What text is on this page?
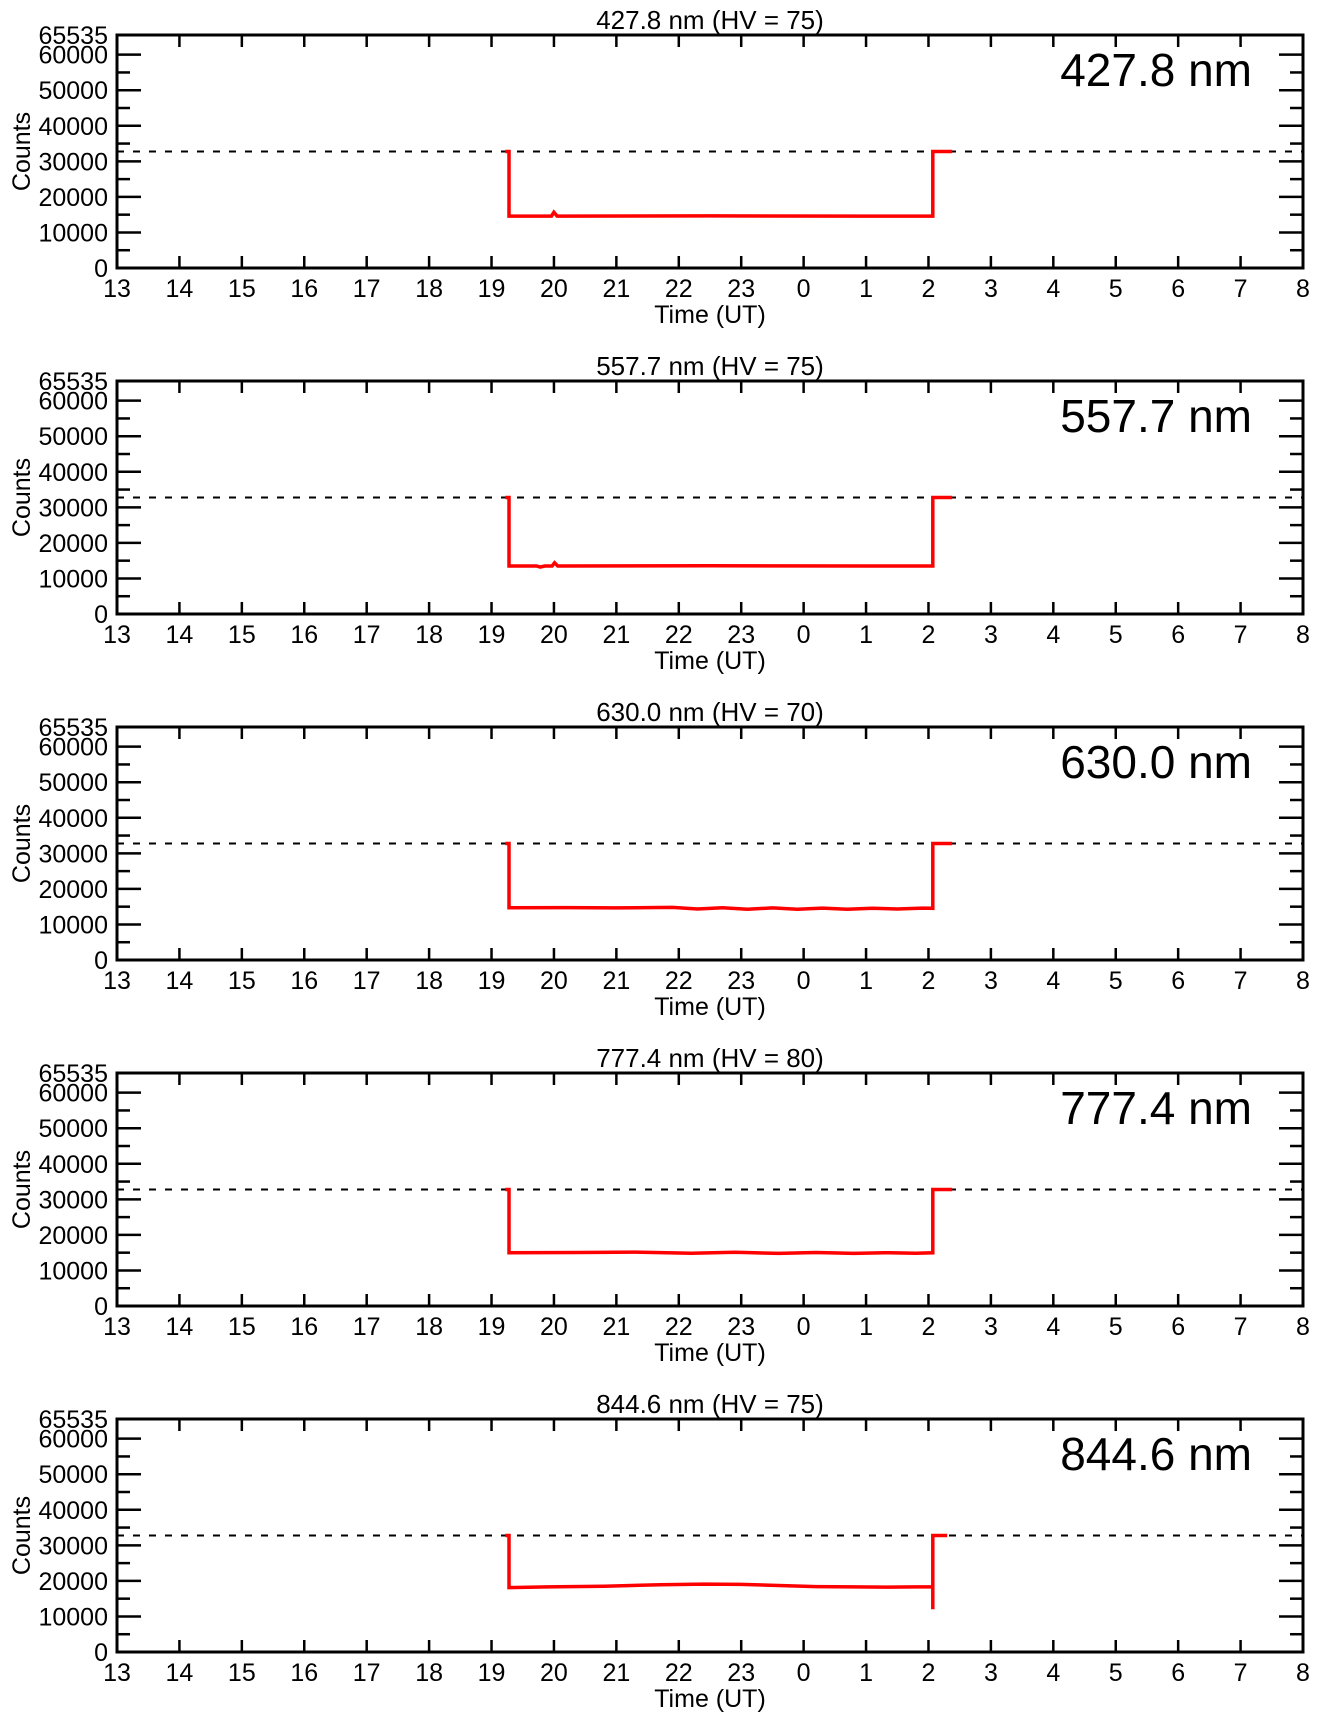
427.8 nm (HV = 75)
427.8 nm
0
10000
20000
30000
40000
50000
60000
65535
13 14 15 16 17 18 19 20 21 22 23 0 1 2 3 4 5 6 7 8
Counts
Time (UT)
557.7 nm (HV = 75)
557.7 nm
0
10000
20000
30000
40000
50000
60000
65535
13 14 15 16 17 18 19 20 21 22 23 0 1 2 3 4 5 6 7 8
Counts
Time (UT)
630.0 nm (HV = 70)
630.0 nm
0
10000
20000
30000
40000
50000
60000
65535
13 14 15 16 17 18 19 20 21 22 23 0 1 2 3 4 5 6 7 8
Counts
Time (UT)
777.4 nm (HV = 80)
777.4 nm
0
10000
20000
30000
40000
50000
60000
65535
13 14 15 16 17 18 19 20 21 22 23 0 1 2 3 4 5 6 7 8
Counts
Time (UT)
844.6 nm (HV = 75)
844.6 nm
0
10000
20000
30000
40000
50000
60000
65535
13 14 15 16 17 18 19 20 21 22 23 0 1 2 3 4 5 6 7 8
Counts
Time (UT)
